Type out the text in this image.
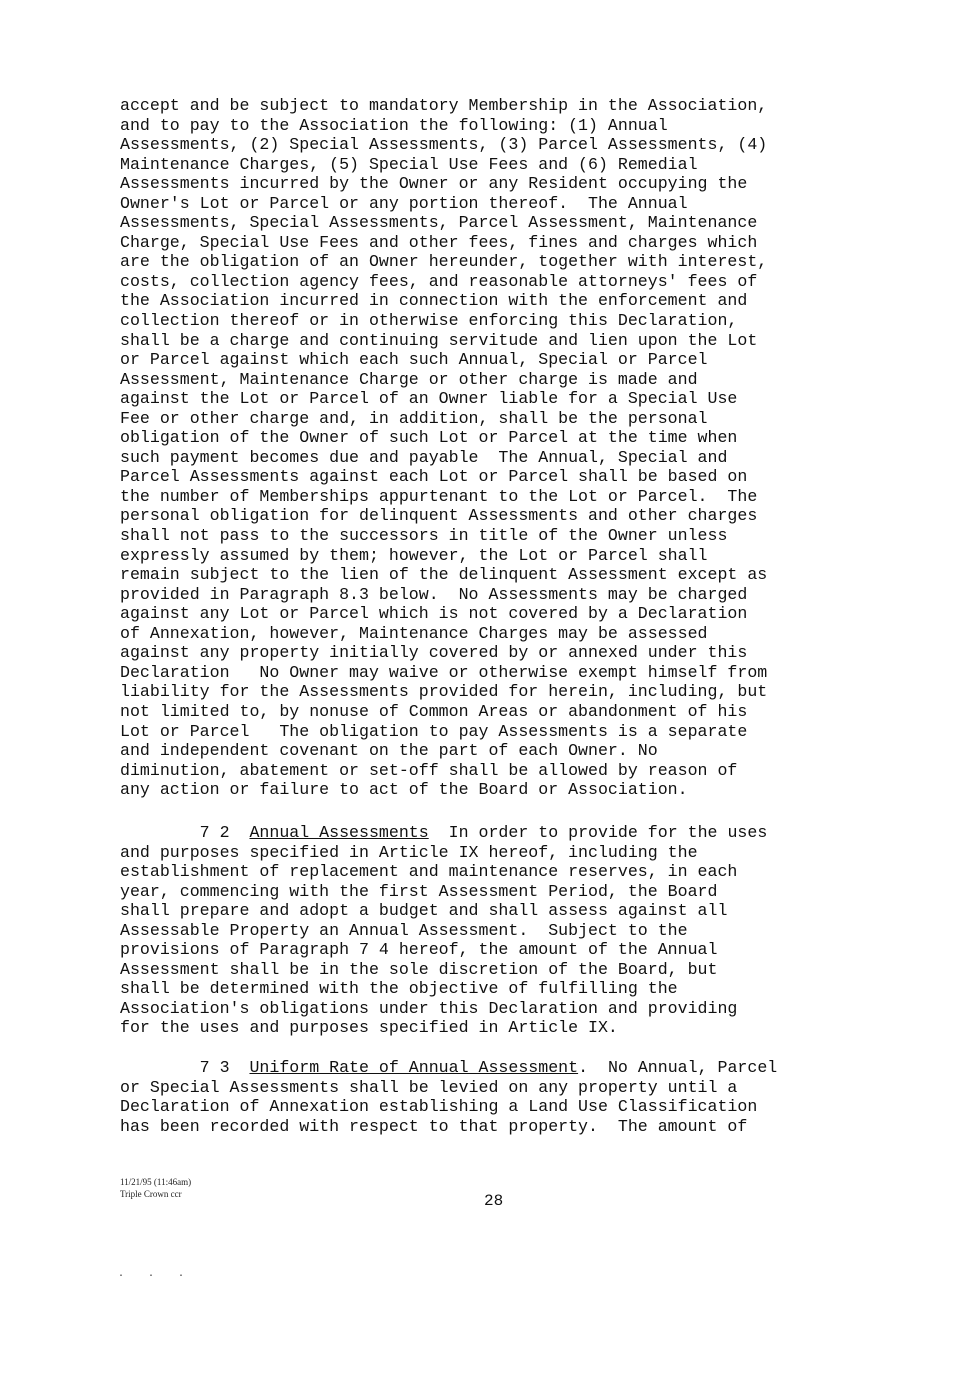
accept and be subject to mandatory Membership in the Association,
and to pay to the Association the following: (1) Annual
Assessments, (2) Special Assessments, (3) Parcel Assessments, (4)
Maintenance Charges, (5) Special Use Fees and (6) Remedial
Assessments incurred by the Owner or any Resident occupying the
Owner's Lot or Parcel or any portion thereof.  The Annual
Assessments, Special Assessments, Parcel Assessment, Maintenance
Charge, Special Use Fees and other fees, fines and charges which
are the obligation of an Owner hereunder, together with interest,
costs, collection agency fees, and reasonable attorneys' fees of
the Association incurred in connection with the enforcement and
collection thereof or in otherwise enforcing this Declaration,
shall be a charge and continuing servitude and lien upon the Lot
or Parcel against which each such Annual, Special or Parcel
Assessment, Maintenance Charge or other charge is made and
against the Lot or Parcel of an Owner liable for a Special Use
Fee or other charge and, in addition, shall be the personal
obligation of the Owner of such Lot or Parcel at the time when
such payment becomes due and payable  The Annual, Special and
Parcel Assessments against each Lot or Parcel shall be based on
the number of Memberships appurtenant to the Lot or Parcel.  The
personal obligation for delinquent Assessments and other charges
shall not pass to the successors in title of the Owner unless
expressly assumed by them; however, the Lot or Parcel shall
remain subject to the lien of the delinquent Assessment except as
provided in Paragraph 8.3 below.  No Assessments may be charged
against any Lot or Parcel which is not covered by a Declaration
of Annexation, however, Maintenance Charges may be assessed
against any property initially covered by or annexed under this
Declaration   No Owner may waive or otherwise exempt himself from
liability for the Assessments provided for herein, including, but
not limited to, by nonuse of Common Areas or abandonment of his
Lot or Parcel   The obligation to pay Assessments is a separate
and independent covenant on the part of each Owner. No
diminution, abatement or set-off shall be allowed by reason of
any action or failure to act of the Board or Association.
7 2 Annual Assessments In order to provide for the uses
and purposes specified in Article IX hereof, including the
establishment of replacement and maintenance reserves, in each
year, commencing with the first Assessment Period, the Board
shall prepare and adopt a budget and shall assess against all
Assessable Property an Annual Assessment.  Subject to the
provisions of Paragraph 7 4 hereof, the amount of the Annual
Assessment shall be in the sole discretion of the Board, but
shall be determined with the objective of fulfilling the
Association's obligations under this Declaration and providing
for the uses and purposes specified in Article IX.
7 3 Uniform Rate of Annual Assessment.  No Annual, Parcel
or Special Assessments shall be levied on any property until a
Declaration of Annexation establishing a Land Use Classification
has been recorded with respect to that property.  The amount of
11/21/95 (11:46am)
Triple Crown ccr	28
.    .    .
